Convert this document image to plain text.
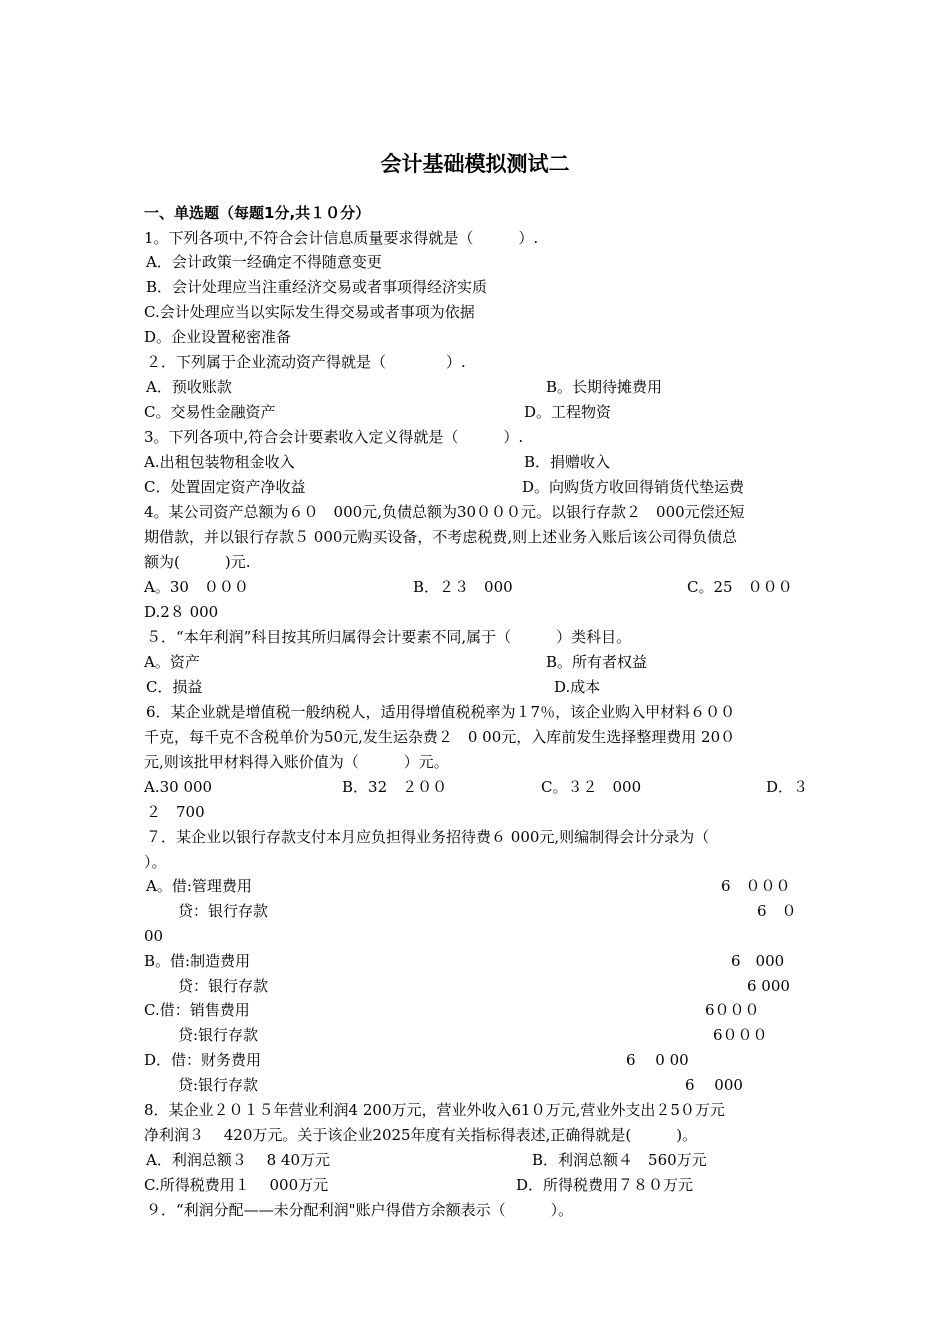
会计基础模拟测试二
一、单选题（每题1分,共１０分）
1。下列各项中,不符合会计信息质量要求得就是（　　　）.
A．会计政策一经确定不得随意变更
B．会计处理应当注重经济交易或者事项得经济实质
C.会计处理应当以实际发生得交易或者事项为依据
D。企业设置秘密准备
２．下列属于企业流动资产得就是（　　　　）.
A．预收账款	B。长期待摊费用
C。交易性金融资产	D。工程物资
3。下列各项中,符合会计要素收入定义得就是（　　　）.
A.出租包装物租金收入	B．捐赠收入
C．处置固定资产净收益	D。向购货方收回得销货代垫运费
4。某公司资产总额为６０　000元,负债总额为30０００元。以银行存款２　000元偿还短
期借款，并以银行存款５ 000元购买设备，不考虑税费,则上述业务入账后该公司得负债总
额为(　　　)元.
A。30　０００	B．２３　000	C。25　０００
D.2８ 000
５．“本年利润”科目按其所归属得会计要素不同,属于（　　　）类科目。
A。资产	B。所有者权益
C．损益	D.成本
6．某企业就是增值税一般纳税人，适用得增值税税率为１7％，该企业购入甲材料６００
千克，每千克不含税单价为50元,发生运杂费２　0 00元，入库前发生选择整理费用 20０
元,则该批甲材料得入账价值为（　　　）元。
A.30 000	B．32　２００	C。３２　000	D．３
２　700
７．某企业以银行存款支付本月应负担得业务招待费６ 000元,则编制得会计分录为（
）。
A。借:管理费用	6　０００
贷：银行存款	6　０
00
B。借:制造费用	6　000
贷：银行存款	6 000
C.借：销售费用	6０００
贷:银行存款	6０００
D．借：财务费用	6　 0 00
贷:银行存款	6　 000
8．某企业２０１５年营业利润4 200万元，营业外收入61０万元,营业外支出２5０万元
净利润３　 420万元。关于该企业2025年度有关指标得表述,正确得就是(　　　)。
A．利润总额３　 8 40万元	B．利润总额４　560万元
C.所得税费用１　 000万元	D．所得税费用７８０万元
９．“利润分配——未分配利润"账户得借方余额表示（　　　）。
